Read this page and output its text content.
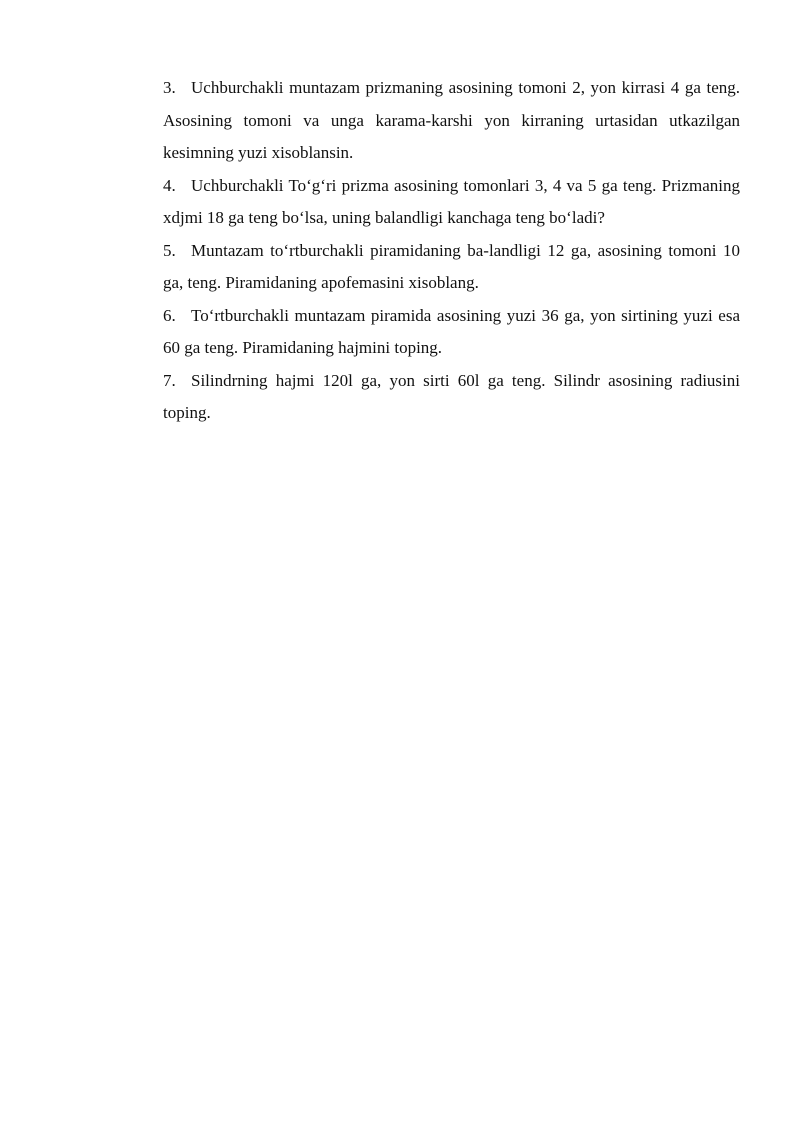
3. Uchburchakli muntazam prizmaning asosining tomoni 2, yon kirrasi 4 ga teng. Asosining tomoni va unga karama-karshi yon kirraning urtasidan utkazilgan kesimning yuzi xisoblansin.

4. Uchburchakli To‘g‘ri prizma asosining tomonlari 3, 4 va 5 ga teng. Prizmaning xdjmi 18 ga teng bo‘lsa, uning balandligi kanchaga teng bo‘ladi?

5. Muntazam to‘rtburchakli piramidaning ba-landligi 12 ga, asosining tomoni 10 ga, teng. Piramidaning apofemasini xisoblang.

6. To‘rtburchakli muntazam piramida asosining yuzi 36 ga, yon sirtining yuzi esa 60 ga teng. Piramidaning hajmini toping.

7. Silindrning hajmi 120l ga, yon sirti 60l ga teng. Silindr asosining radiusini toping.
